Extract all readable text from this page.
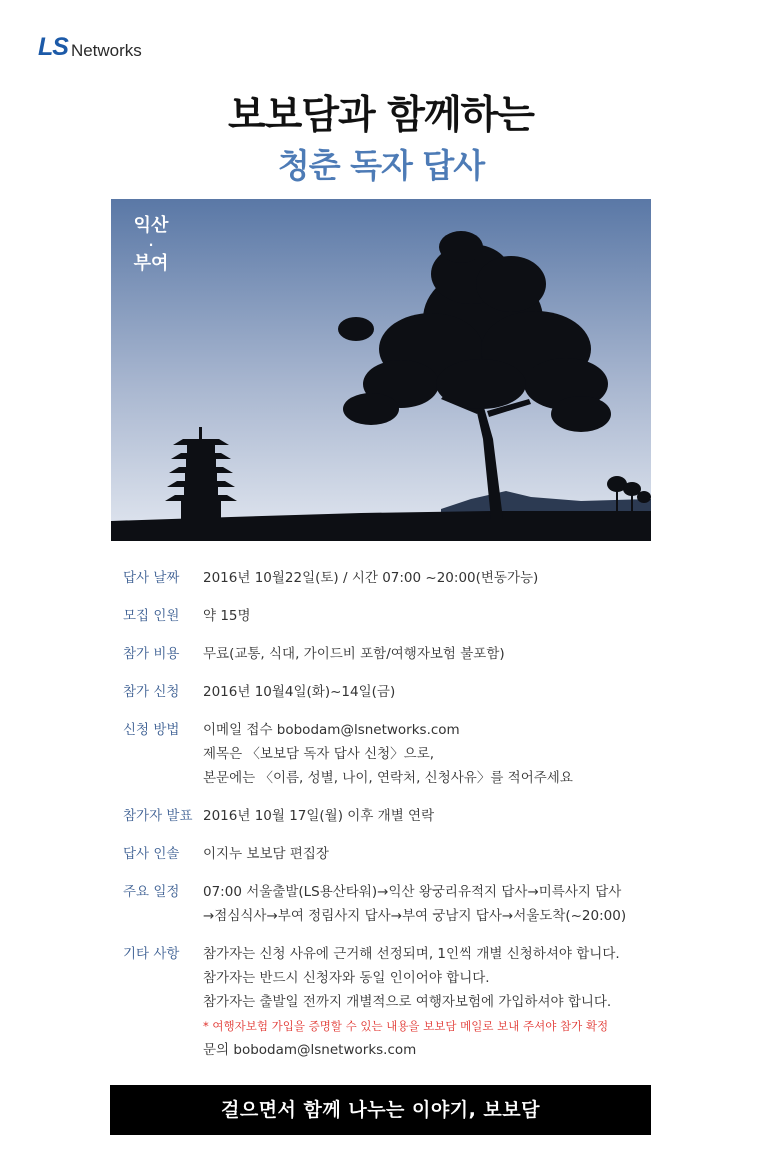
LS Networks
보보담과 함께하는
청춘 독자 답사
익산
·
부여
답사 날짜	2016년 10월22일(토) / 시간 07:00 ~20:00(변동가능)
모집 인원	약 15명
참가 비용	무료(교통, 식대, 가이드비 포함/여행자보험 불포함)
참가 신청	2016년 10월4일(화)~14일(금)
신청 방법	이메일 접수 bobodam@lsnetworks.com
제목은 〈보보담 독자 답사 신청〉으로,
본문에는 〈이름, 성별, 나이, 연락처, 신청사유〉를 적어주세요
참가자 발표 2016년 10월 17일(월) 이후 개별 연락
답사 인솔	이지누 보보담 편집장
주요 일정	07:00 서울출발(LS용산타워)→익산 왕궁리유적지 답사→미륵사지 답사
→점심식사→부여 정림사지 답사→부여 궁남지 답사→서울도착(~20:00)
기타 사항	참가자는 신청 사유에 근거해 선정되며, 1인씩 개별 신청하셔야 합니다.
참가자는 반드시 신청자와 동일 인이어야 합니다.
참가자는 출발일 전까지 개별적으로 여행자보험에 가입하셔야 합니다.
* 여행자보험 가입을 증명할 수 있는 내용을 보보담 메일로 보내 주셔야 참가 확정
문의 bobodam@lsnetworks.com
걸으면서 함께 나누는 이야기, 보보담
